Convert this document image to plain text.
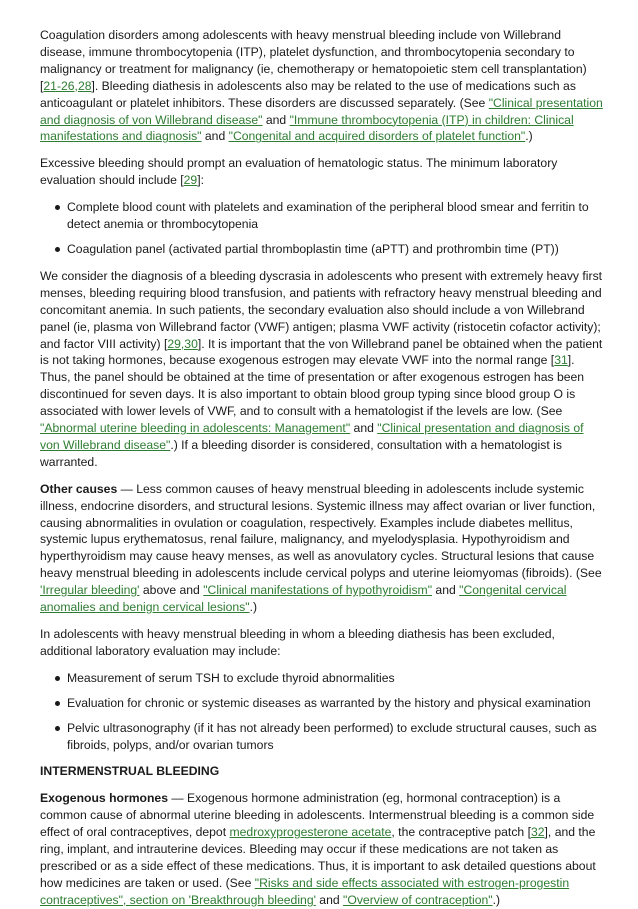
Coagulation disorders among adolescents with heavy menstrual bleeding include von Willebrand disease, immune thrombocytopenia (ITP), platelet dysfunction, and thrombocytopenia secondary to malignancy or treatment for malignancy (ie, chemotherapy or hematopoietic stem cell transplantation) [21-26,28]. Bleeding diathesis in adolescents also may be related to the use of medications such as anticoagulant or platelet inhibitors. These disorders are discussed separately. (See "Clinical presentation and diagnosis of von Willebrand disease" and "Immune thrombocytopenia (ITP) in children: Clinical manifestations and diagnosis" and "Congenital and acquired disorders of platelet function".)

Excessive bleeding should prompt an evaluation of hematologic status. The minimum laboratory evaluation should include [29]:

Complete blood count with platelets and examination of the peripheral blood smear and ferritin to detect anemia or thrombocytopenia
Coagulation panel (activated partial thromboplastin time (aPTT) and prothrombin time (PT))

We consider the diagnosis of a bleeding dyscrasia in adolescents who present with extremely heavy first menses, bleeding requiring blood transfusion, and patients with refractory heavy menstrual bleeding and concomitant anemia. In such patients, the secondary evaluation also should include a von Willebrand panel (ie, plasma von Willebrand factor (VWF) antigen; plasma VWF activity (ristocetin cofactor activity); and factor VIII activity) [29,30]. It is important that the von Willebrand panel be obtained when the patient is not taking hormones, because exogenous estrogen may elevate VWF into the normal range [31]. Thus, the panel should be obtained at the time of presentation or after exogenous estrogen has been discontinued for seven days. It is also important to obtain blood group typing since blood group O is associated with lower levels of VWF, and to consult with a hematologist if the levels are low. (See "Abnormal uterine bleeding in adolescents: Management" and "Clinical presentation and diagnosis of von Willebrand disease".) If a bleeding disorder is considered, consultation with a hematologist is warranted.

Other causes — Less common causes of heavy menstrual bleeding in adolescents include systemic illness, endocrine disorders, and structural lesions. Systemic illness may affect ovarian or liver function, causing abnormalities in ovulation or coagulation, respectively. Examples include diabetes mellitus, systemic lupus erythematosus, renal failure, malignancy, and myelodysplasia. Hypothyroidism and hyperthyroidism may cause heavy menses, as well as anovulatory cycles. Structural lesions that cause heavy menstrual bleeding in adolescents include cervical polyps and uterine leiomyomas (fibroids). (See 'Irregular bleeding' above and "Clinical manifestations of hypothyroidism" and "Congenital cervical anomalies and benign cervical lesions".)

In adolescents with heavy menstrual bleeding in whom a bleeding diathesis has been excluded, additional laboratory evaluation may include:

Measurement of serum TSH to exclude thyroid abnormalities
Evaluation for chronic or systemic diseases as warranted by the history and physical examination
Pelvic ultrasonography (if it has not already been performed) to exclude structural causes, such as fibroids, polyps, and/or ovarian tumors
INTERMENSTRUAL BLEEDING

Exogenous hormones — Exogenous hormone administration (eg, hormonal contraception) is a common cause of abnormal uterine bleeding in adolescents. Intermenstrual bleeding is a common side effect of oral contraceptives, depot medroxyprogesterone acetate, the contraceptive patch [32], and the ring, implant, and intrauterine devices. Bleeding may occur if these medications are not taken as prescribed or as a side effect of these medications. Thus, it is important to ask detailed questions about how medicines are taken or used. (See "Risks and side effects associated with estrogen-progestin contraceptives", section on 'Breakthrough bleeding' and "Overview of contraception".)
